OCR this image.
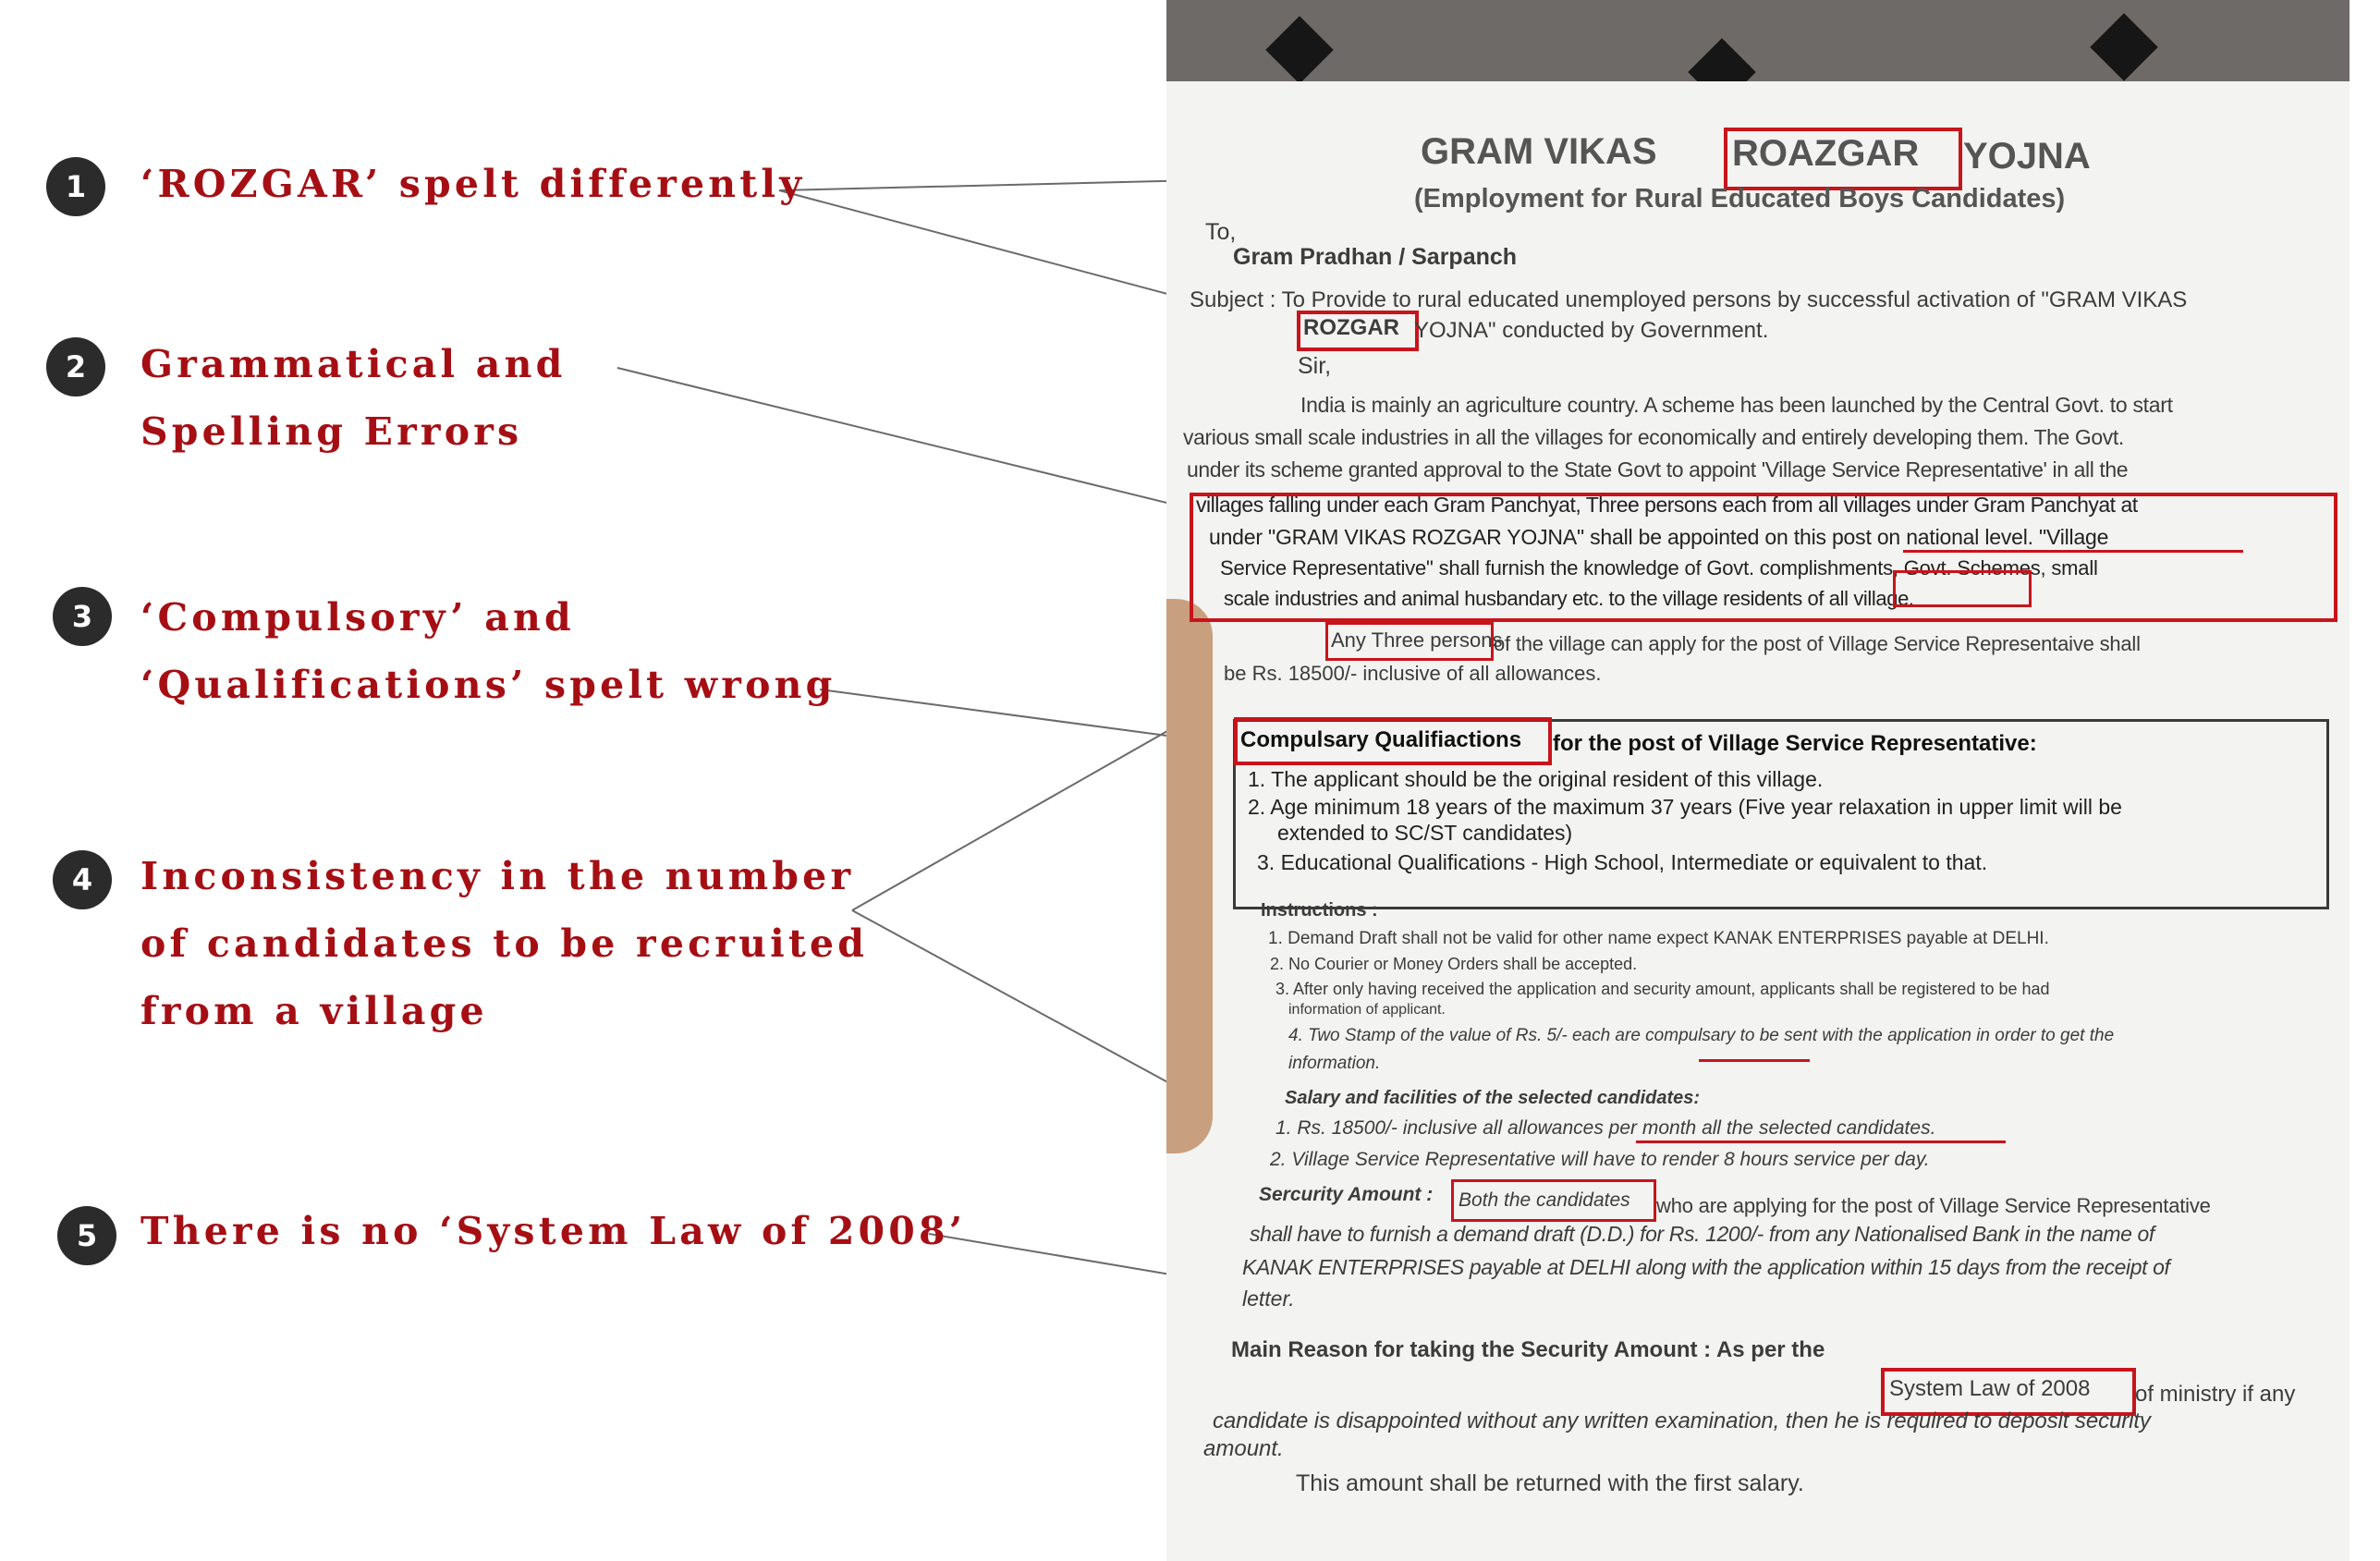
1	‘ROZGAR’ spelt differently
2	Grammatical and
Spelling Errors
3	‘Compulsory’ and
‘Qualifications’ spelt wrong
4	Inconsistency in the number
of candidates to be recruited
from a village
5	There is no ‘System Law of 2008’
GRAM VIKAS ROAZGAR YOJNA
(Employment for Rural Educated Boys Candidates)
To,
Gram Pradhan / Sarpanch
Subject : To Provide to rural educated unemployed persons by successful activation of "GRAM VIKAS
ROZGAR YOJNA" conducted by Government.
Sir,
India is mainly an agriculture country. A scheme has been launched by the Central Govt. to start
various small scale industries in all the villages for economically and entirely developing them. The Govt.
under its scheme granted approval to the State Govt to appoint 'Village Service Representative' in all the
villages falling under each Gram Panchyat, Three persons each from all villages under Gram Panchyat at
under "GRAM VIKAS ROZGAR YOJNA" shall be appointed on this post on national level. "Village
Service Representative" shall furnish the knowledge of Govt. complishments, Govt. Schemes, small
scale industries and animal husbandary etc. to the village residents of all village.
Any Three persons
of the village can apply for the post of Village Service Representaive shall
be Rs. 18500/- inclusive of all allowances.
Compulsary Qualifiactions for the post of Village Service Representative:
1. The applicant should be the original resident of this village.
2. Age minimum 18 years of the maximum 37 years (Five year relaxation in upper limit will be
extended to SC/ST candidates)
3. Educational Qualifications - High School, Intermediate or equivalent to that.
Instructions :
1. Demand Draft shall not be valid for other name expect KANAK ENTERPRISES payable at DELHI.
2. No Courier or Money Orders shall be accepted.
3. After only having received the application and security amount, applicants shall be registered to be had
information of applicant.
4. Two Stamp of the value of Rs. 5/- each are compulsary to be sent with the application in order to get the
information.
Salary and facilities of the selected candidates:
1. Rs. 18500/- inclusive all allowances per month all the selected candidates.
2. Village Service Representative will have to render 8 hours service per day.
Sercurity Amount : Both the candidates who are applying for the post of Village Service Representative
shall have to furnish a demand draft (D.D.) for Rs. 1200/- from any Nationalised Bank in the name of
KANAK ENTERPRISES payable at DELHI along with the application within 15 days from the receipt of
letter.
Main Reason for taking the Security Amount : As per the
System Law of 2008 of ministry if any
candidate is disappointed without any written examination, then he is required to deposit security
amount.
This amount shall be returned with the first salary.
